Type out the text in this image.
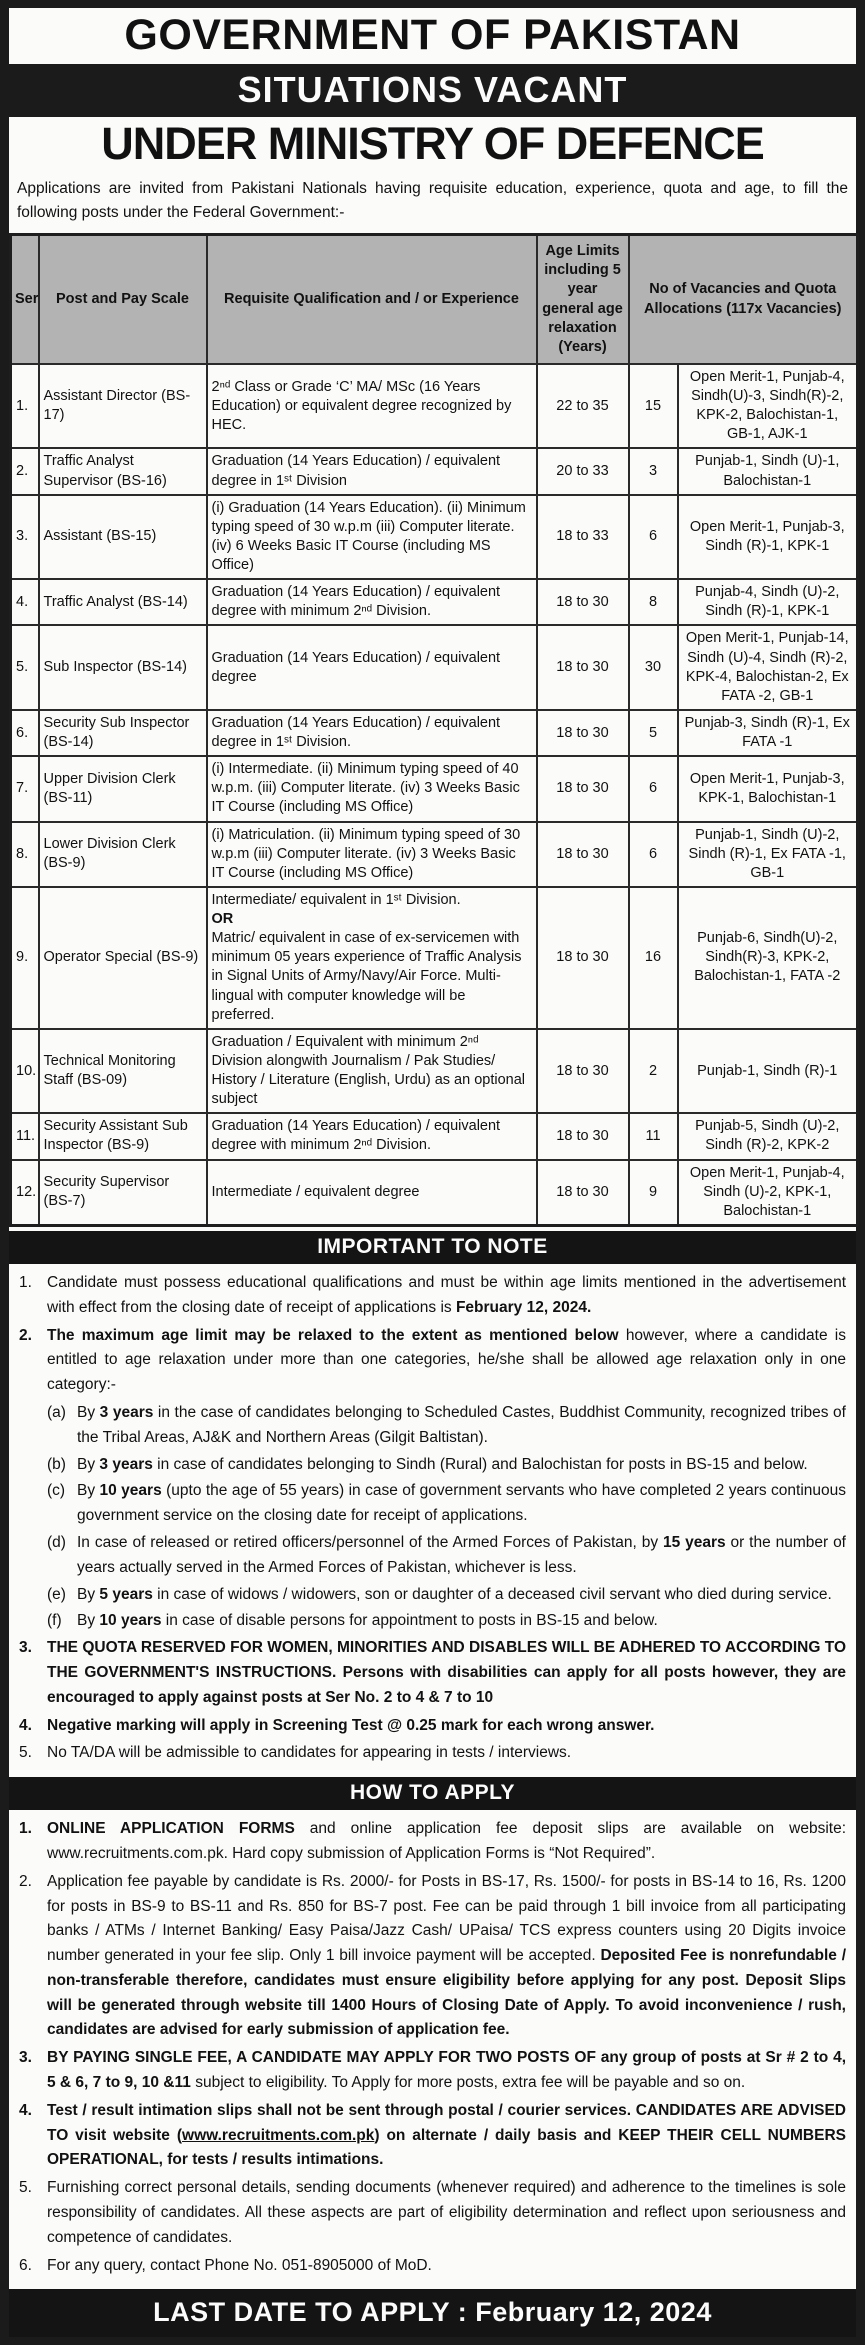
GOVERNMENT OF PAKISTAN
SITUATIONS VACANT
UNDER MINISTRY OF DEFENCE
Applications are invited from Pakistani Nationals having requisite education, experience, quota and age, to fill the following posts under the Federal Government:-
Ser	Post and Pay Scale	Requisite Qualification and / or Experience	Age Limits including 5 year general age relaxation (Years)	No of Vacancies and Quota Allocations (117x Vacancies)	
1.	Assistant Director (BS-17)	2ⁿᵈ Class or Grade ‘C’ MA/ MSc (16 Years Education) or equivalent degree recognized by HEC.	22 to 35	15	Open Merit-1, Punjab-4, Sindh(U)-3, Sindh(R)-2, KPK-2, Balochistan-1, GB-1, AJK-1
2.	Traffic Analyst Supervisor (BS-16)	Graduation (14 Years Education) / equivalent degree in 1ˢᵗ Division	20 to 33	3	Punjab-1, Sindh (U)-1, Balochistan-1
3.	Assistant (BS-15)	(i) Graduation (14 Years Education). (ii) Minimum typing speed of 30 w.p.m (iii) Computer literate. (iv) 6 Weeks Basic IT Course (including MS Office)	18 to 33	6	Open Merit-1, Punjab-3, Sindh (R)-1, KPK-1
4.	Traffic Analyst (BS-14)	Graduation (14 Years Education) / equivalent degree with minimum 2ⁿᵈ Division.	18 to 30	8	Punjab-4, Sindh (U)-2, Sindh (R)-1, KPK-1
5.	Sub Inspector (BS-14)	Graduation (14 Years Education) / equivalent degree	18 to 30	30	Open Merit-1, Punjab-14, Sindh (U)-4, Sindh (R)-2, KPK-4, Balochistan-2, Ex FATA -2, GB-1
6.	Security Sub Inspector (BS-14)	Graduation (14 Years Education) / equivalent degree in 1ˢᵗ Division.	18 to 30	5	Punjab-3, Sindh (R)-1, Ex FATA -1
7.	Upper Division Clerk (BS-11)	(i) Intermediate. (ii) Minimum typing speed of 40 w.p.m. (iii) Computer literate. (iv) 3 Weeks Basic IT Course (including MS Office)	18 to 30	6	Open Merit-1, Punjab-3, KPK-1, Balochistan-1
8.	Lower Division Clerk (BS-9)	(i) Matriculation. (ii) Minimum typing speed of 30 w.p.m (iii) Computer literate. (iv) 3 Weeks Basic IT Course (including MS Office)	18 to 30	6	Punjab-1, Sindh (U)-2, Sindh (R)-1, Ex FATA -1, GB-1
9.	Operator Special (BS-9)	Intermediate/ equivalent in 1ˢᵗ Division.
OR
Matric/ equivalent in case of ex-servicemen with minimum 05 years experience of Traffic Analysis in Signal Units of Army/Navy/Air Force. Multi-lingual with computer knowledge will be preferred.	18 to 30	16	Punjab-6, Sindh(U)-2, Sindh(R)-3, KPK-2, Balochistan-1, FATA -2
10.	Technical Monitoring Staff (BS-09)	Graduation / Equivalent with minimum 2ⁿᵈ Division alongwith Journalism / Pak Studies/ History / Literature (English, Urdu) as an optional subject	18 to 30	2	Punjab-1, Sindh (R)-1
11.	Security Assistant Sub Inspector (BS-9)	Graduation (14 Years Education) / equivalent degree with minimum 2ⁿᵈ Division.	18 to 30	11	Punjab-5, Sindh (U)-2, Sindh (R)-2, KPK-2
12.	Security Supervisor (BS-7)	Intermediate / equivalent degree	18 to 30	9	Open Merit-1, Punjab-4, Sindh (U)-2, KPK-1, Balochistan-1
IMPORTANT TO NOTE
1. Candidate must possess educational qualifications and must be within age limits mentioned in the advertisement with effect from the closing date of receipt of applications is February 12, 2024.
2. The maximum age limit may be relaxed to the extent as mentioned below however, where a candidate is entitled to age relaxation under more than one categories, he/she shall be allowed age relaxation only in one category:-
(a) By 3 years in the case of candidates belonging to Scheduled Castes, Buddhist Community, recognized tribes of the Tribal Areas, AJ&K and Northern Areas (Gilgit Baltistan).
(b) By 3 years in case of candidates belonging to Sindh (Rural) and Balochistan for posts in BS-15 and below.
(c) By 10 years (upto the age of 55 years) in case of government servants who have completed 2 years continuous government service on the closing date for receipt of applications.
(d) In case of released or retired officers/personnel of the Armed Forces of Pakistan, by 15 years or the number of years actually served in the Armed Forces of Pakistan, whichever is less.
(e) By 5 years in case of widows / widowers, son or daughter of a deceased civil servant who died during service.
(f) By 10 years in case of disable persons for appointment to posts in BS-15 and below.
3. THE QUOTA RESERVED FOR WOMEN, MINORITIES AND DISABLES WILL BE ADHERED TO ACCORDING TO THE GOVERNMENT'S INSTRUCTIONS. Persons with disabilities can apply for all posts however, they are encouraged to apply against posts at Ser No. 2 to 4 & 7 to 10
4. Negative marking will apply in Screening Test @ 0.25 mark for each wrong answer.
5. No TA/DA will be admissible to candidates for appearing in tests / interviews.
HOW TO APPLY
1. ONLINE APPLICATION FORMS and online application fee deposit slips are available on website: www.recruitments.com.pk. Hard copy submission of Application Forms is “Not Required”.
2. Application fee payable by candidate is Rs. 2000/- for Posts in BS-17, Rs. 1500/- for posts in BS-14 to 16, Rs. 1200 for posts in BS-9 to BS-11 and Rs. 850 for BS-7 post. Fee can be paid through 1 bill invoice from all participating banks / ATMs / Internet Banking/ Easy Paisa/Jazz Cash/ UPaisa/ TCS express counters using 20 Digits invoice number generated in your fee slip. Only 1 bill invoice payment will be accepted. Deposited Fee is nonrefundable / non-transferable therefore, candidates must ensure eligibility before applying for any post. Deposit Slips will be generated through website till 1400 Hours of Closing Date of Apply. To avoid inconvenience / rush, candidates are advised for early submission of application fee.
3. BY PAYING SINGLE FEE, A CANDIDATE MAY APPLY FOR TWO POSTS OF any group of posts at Sr # 2 to 4, 5 & 6, 7 to 9, 10 &11 subject to eligibility. To Apply for more posts, extra fee will be payable and so on.
4. Test / result intimation slips shall not be sent through postal / courier services. CANDIDATES ARE ADVISED TO visit website (www.recruitments.com.pk) on alternate / daily basis and KEEP THEIR CELL NUMBERS OPERATIONAL, for tests / results intimations.
5. Furnishing correct personal details, sending documents (whenever required) and adherence to the timelines is sole responsibility of candidates. All these aspects are part of eligibility determination and reflect upon seriousness and competence of candidates.
6. For any query, contact Phone No. 051-8905000 of MoD.
LAST DATE TO APPLY : February 12, 2024
